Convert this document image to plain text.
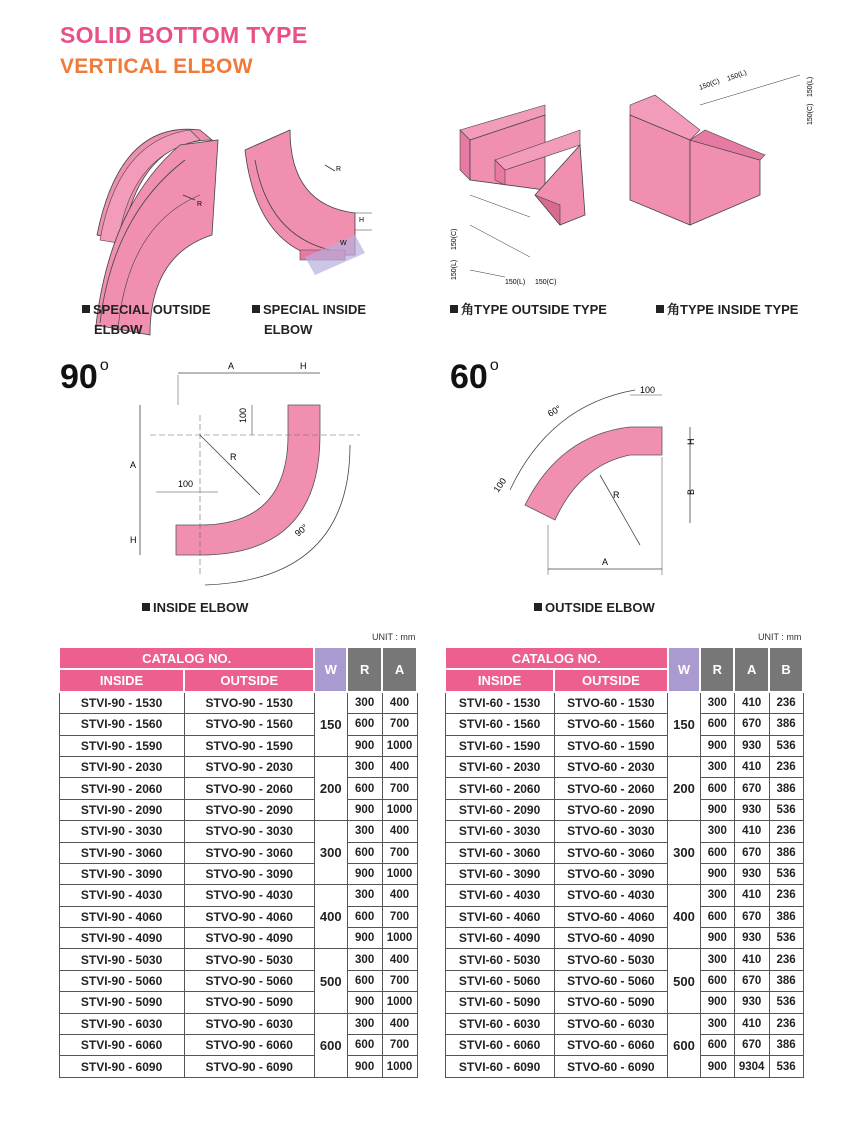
SOLID BOTTOM TYPE
VERTICAL ELBOW
R
R
H
W	150(C)
150(L)
150(L) 150(C)
150(C)
150(L)
150(C)
150(L)
SPECIAL OUTSIDE
ELBOW
SPECIAL INSIDE
ELBOW
角TYPE OUTSIDE TYPE	角TYPE INSIDE TYPE
90 $^o$	A	H
A
H
R
100
100
90°
60 $^o$
A
R
100
H
B
60°
100
INSIDE ELBOW	OUTSIDE ELBOW
UNIT : mm	UNIT : mm
CATALOG NO.		W	R	A
INSIDE	OUTSIDE			
STVI-90 - 1530	STVO-90 - 1530	150	300	400
STVI-90 - 1560	STVO-90 - 1560		600	700
STVI-90 - 1590	STVO-90 - 1590		900	1000
STVI-90 - 2030	STVO-90 - 2030	200	300	400
STVI-90 - 2060	STVO-90 - 2060		600	700
STVI-90 - 2090	STVO-90 - 2090		900	1000
STVI-90 - 3030	STVO-90 - 3030	300	300	400
STVI-90 - 3060	STVO-90 - 3060		600	700
STVI-90 - 3090	STVO-90 - 3090		900	1000
STVI-90 - 4030	STVO-90 - 4030	400	300	400
STVI-90 - 4060	STVO-90 - 4060		600	700
STVI-90 - 4090	STVO-90 - 4090		900	1000
STVI-90 - 5030	STVO-90 - 5030	500	300	400
STVI-90 - 5060	STVO-90 - 5060		600	700
STVI-90 - 5090	STVO-90 - 5090		900	1000
STVI-90 - 6030	STVO-90 - 6030	600	300	400
STVI-90 - 6060	STVO-90 - 6060		600	700
STVI-90 - 6090	STVO-90 - 6090		900	1000
CATALOG NO.		W	R	A	B
INSIDE	OUTSIDE				
STVI-60 - 1530	STVO-60 - 1530	150	300	410	236
STVI-60 - 1560	STVO-60 - 1560		600	670	386
STVI-60 - 1590	STVO-60 - 1590		900	930	536
STVI-60 - 2030	STVO-60 - 2030	200	300	410	236
STVI-60 - 2060	STVO-60 - 2060		600	670	386
STVI-60 - 2090	STVO-60 - 2090		900	930	536
STVI-60 - 3030	STVO-60 - 3030	300	300	410	236
STVI-60 - 3060	STVO-60 - 3060		600	670	386
STVI-60 - 3090	STVO-60 - 3090		900	930	536
STVI-60 - 4030	STVO-60 - 4030	400	300	410	236
STVI-60 - 4060	STVO-60 - 4060		600	670	386
STVI-60 - 4090	STVO-60 - 4090		900	930	536
STVI-60 - 5030	STVO-60 - 5030	500	300	410	236
STVI-60 - 5060	STVO-60 - 5060		600	670	386
STVI-60 - 5090	STVO-60 - 5090		900	930	536
STVI-60 - 6030	STVO-60 - 6030	600	300	410	236
STVI-60 - 6060	STVO-60 - 6060		600	670	386
STVI-60 - 6090	STVO-60 - 6090		900	9304	536
